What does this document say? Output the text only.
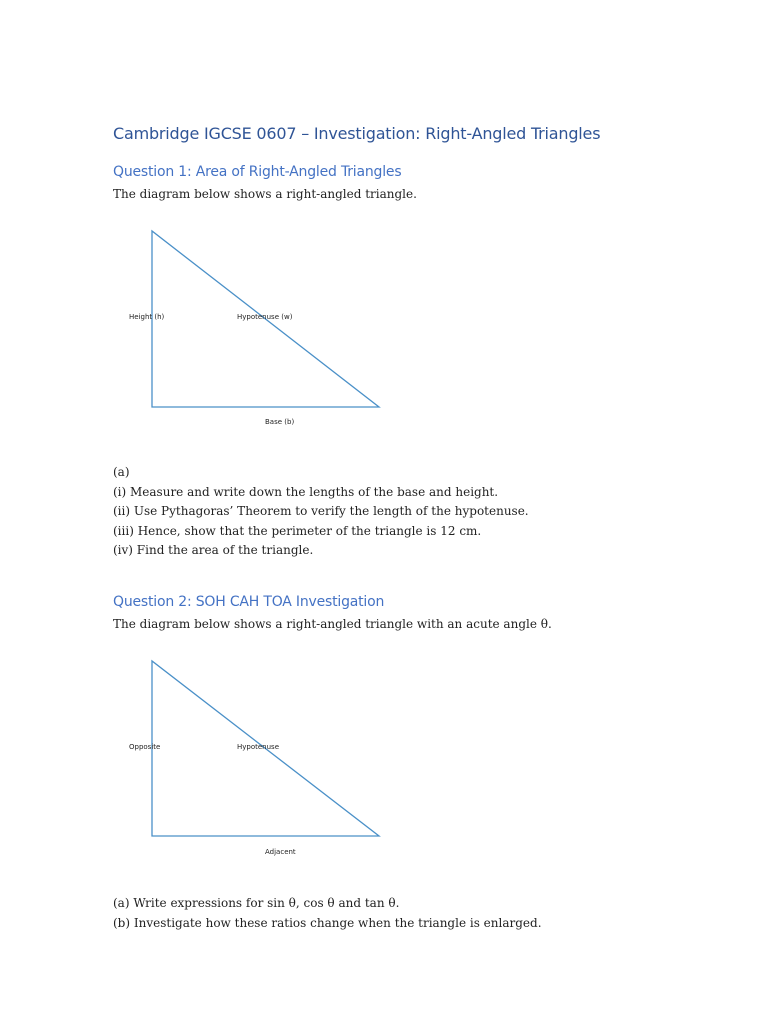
Cambridge IGCSE 0607 – Investigation: Right-Angled Triangles
Question 1: Area of Right-Angled Triangles
The diagram below shows a right-angled triangle.
Height (h)	Hypotenuse (w)
Base (b)
(a)
(i) Measure and write down the lengths of the base and height.
(ii) Use Pythagoras’ Theorem to verify the length of the hypotenuse.
(iii) Hence, show that the perimeter of the triangle is 12 cm.
(iv) Find the area of the triangle.
Question 2: SOH CAH TOA Investigation
The diagram below shows a right-angled triangle with an acute angle θ.
Opposite	Hypotenuse
Adjacent
(a) Write expressions for sin θ, cos θ and tan θ.
(b) Investigate how these ratios change when the triangle is enlarged.
